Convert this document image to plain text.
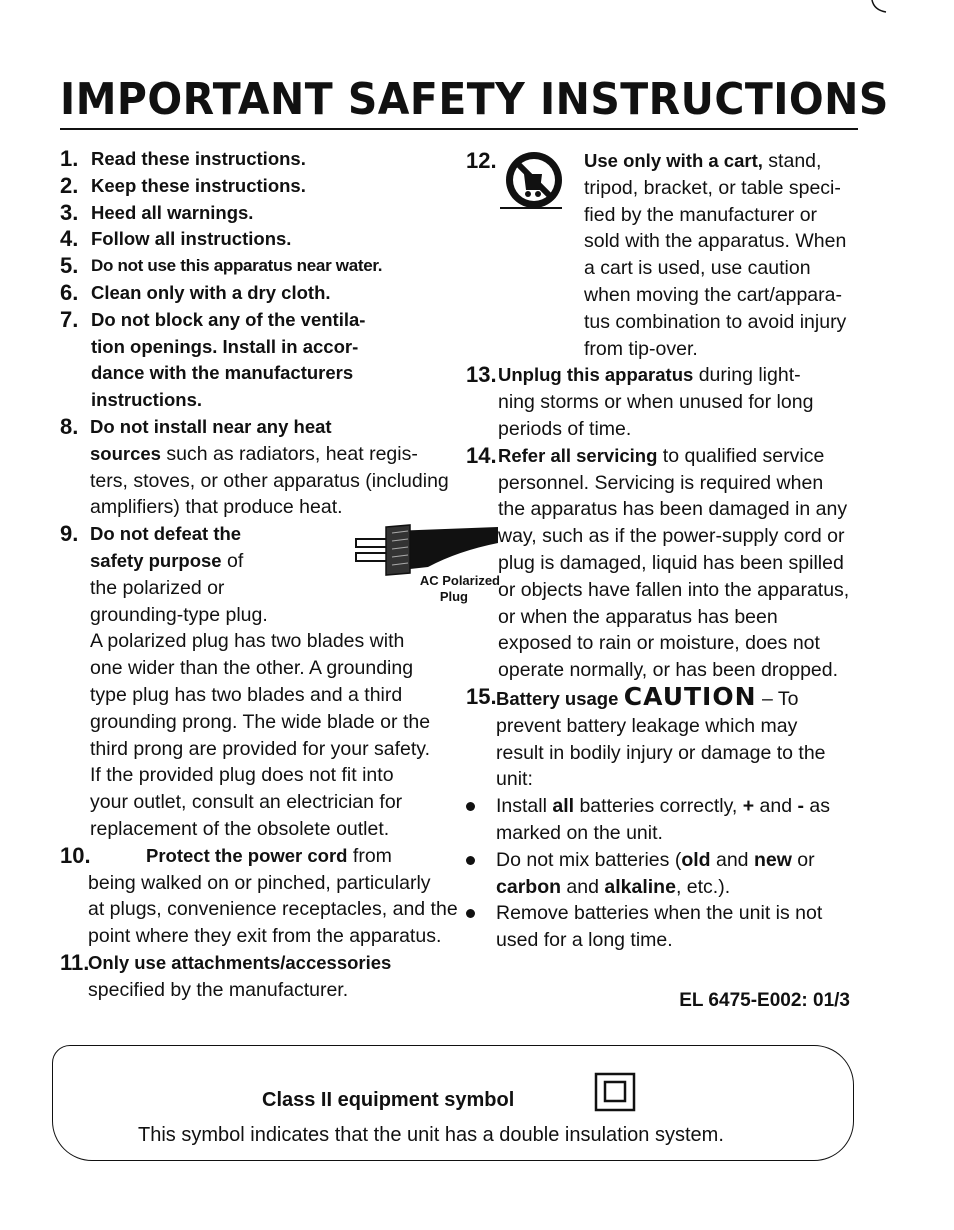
IMPORTANT SAFETY INSTRUCTIONS
1. Read these instructions.
2. Keep these instructions.
3. Heed all warnings.
4. Follow all instructions.
5. Do not use this apparatus near water.
6. Clean only with a dry cloth.
7. Do not block any of the ventila-
tion openings. Install in accor-
dance with the manufacturers
instructions.
8. Do not install near any heat
sources such as radiators, heat regis-
ters, stoves, or other apparatus (including
amplifiers) that produce heat.
9. Do not defeat the
safety purpose of
the polarized or
grounding-type plug.
AC Polarized
Plug
A polarized plug has two blades with
one wider than the other. A grounding
type plug has two blades and a third
grounding prong. The wide blade or the
third prong are provided for your safety.
If the provided plug does not fit into
your outlet, consult an electrician for
replacement of the obsolete outlet.
10.	Protect the power cord from
being walked on or pinched, particularly
at plugs, convenience receptacles, and the
point where they exit from the apparatus.
11.
Only use attachments/accessories
specified by the manufacturer.
12.	Use only with a cart, stand,
tripod, bracket, or table speci-
fied by the manufacturer or
sold with the apparatus. When
a cart is used, use caution
when moving the cart/appara-
tus combination to avoid injury
from tip-over.
13. Unplug this apparatus during light-
ning storms or when unused for long
periods of time.
14. Refer all servicing to qualified service
personnel. Servicing is required when
the apparatus has been damaged in any
way, such as if the power-supply cord or
plug is damaged, liquid has been spilled
or objects have fallen into the apparatus,
or when the apparatus has been
exposed to rain or moisture, does not
operate normally, or has been dropped.
15. Battery usage CAUTION – To
prevent battery leakage which may
result in bodily injury or damage to the
unit:
Install all batteries correctly, + and - as
marked on the unit.
Do not mix batteries (old and new or
carbon and alkaline, etc.).
Remove batteries when the unit is not
used for a long time.
EL 6475-E002: 01/3
Class II equipment symbol
This symbol indicates that the unit has a double insulation system.
